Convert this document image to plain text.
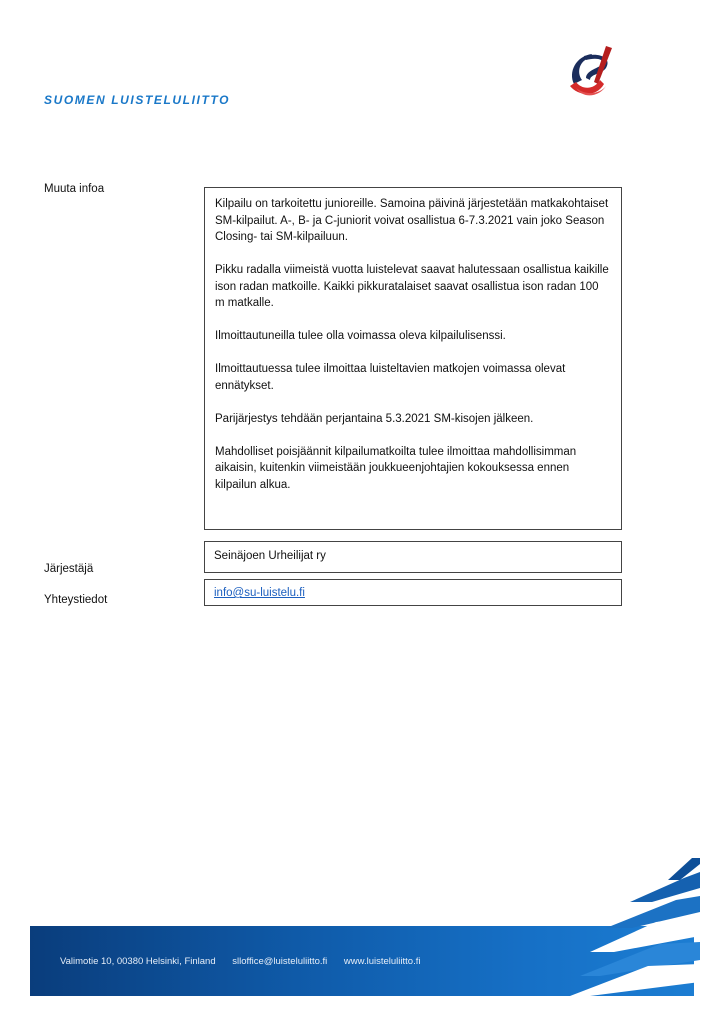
SUOMEN LUISTELULIITTO
Muuta infoa

Kilpailu on tarkoitettu junioreille. Samoina päivinä järjestetään matkakohtaiset SM-kilpailut. A-, B- ja C-juniorit voivat osallistua 6-7.3.2021 vain joko Season Closing- tai SM-kilpailuun.

Pikku radalla viimeistä vuotta luistelevat saavat halutessaan osallistua kaikille ison radan matkoille. Kaikki pikkuratalaiset saavat osallistua ison radan 100 m matkalle.

Ilmoittautuneilla tulee olla voimassa oleva kilpailulisenssi.

Ilmoittautuessa tulee ilmoittaa luisteltavien matkojen voimassa olevat ennätykset.

Parijärjestys tehdään perjantaina 5.3.2021 SM-kisojen jälkeen.

Mahdolliset poisjäännit kilpailumatkoilta tulee ilmoittaa mahdollisimman aikaisin, kuitenkin viimeistään joukkueenjohtajien kokouksessa ennen kilpailun alkua.

Järjestäjä
Seinäjoen Urheilijat ry
Yhteystiedot
info@su-luistelu.fi
Valimotie 10, 00380 Helsinki, Finland slloffice@luisteluliitto.fi www.luisteluliitto.fi
